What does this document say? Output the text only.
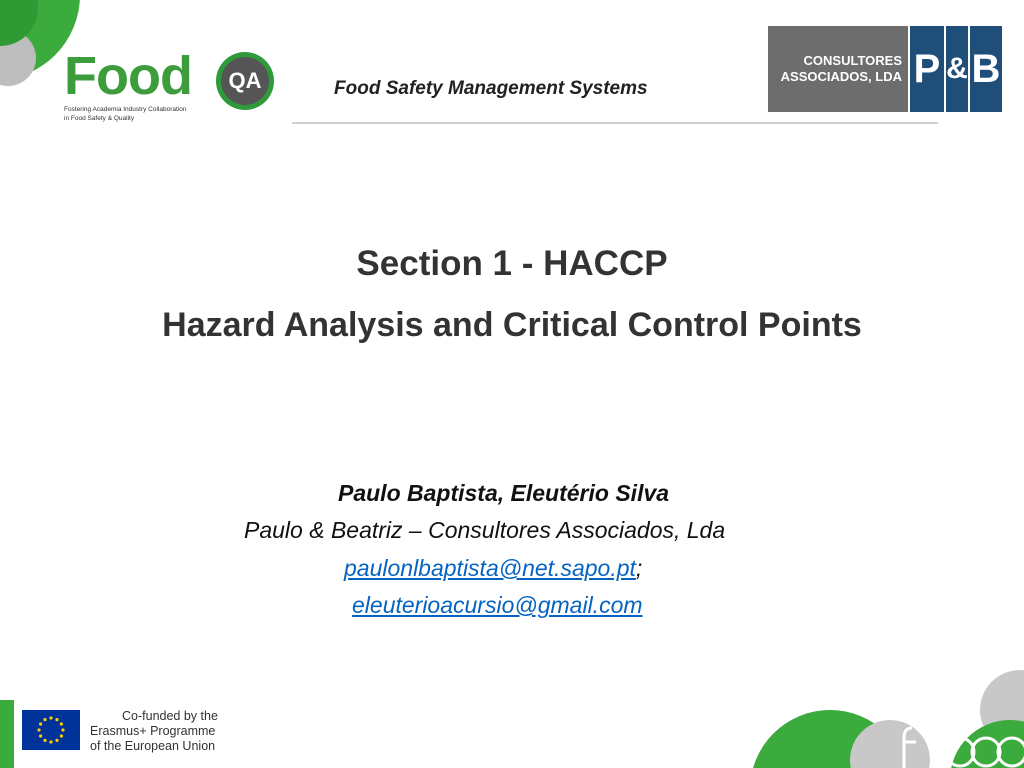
Food	QA
Fostering Academia Industry Collaboration
in Food Safety & Quality
Food Safety Management Systems
CONSULTORES
ASSOCIADOS, LDA P & B
Section 1 - HACCP
Hazard Analysis and Critical Control Points
Paulo Baptista, Eleutério Silva
Paulo & Beatriz – Consultores Associados, Lda
paulonlbaptista@net.sapo.pt;
eleuterioacursio@gmail.com
Co-funded by the
Erasmus+ Programme
of the European Union
